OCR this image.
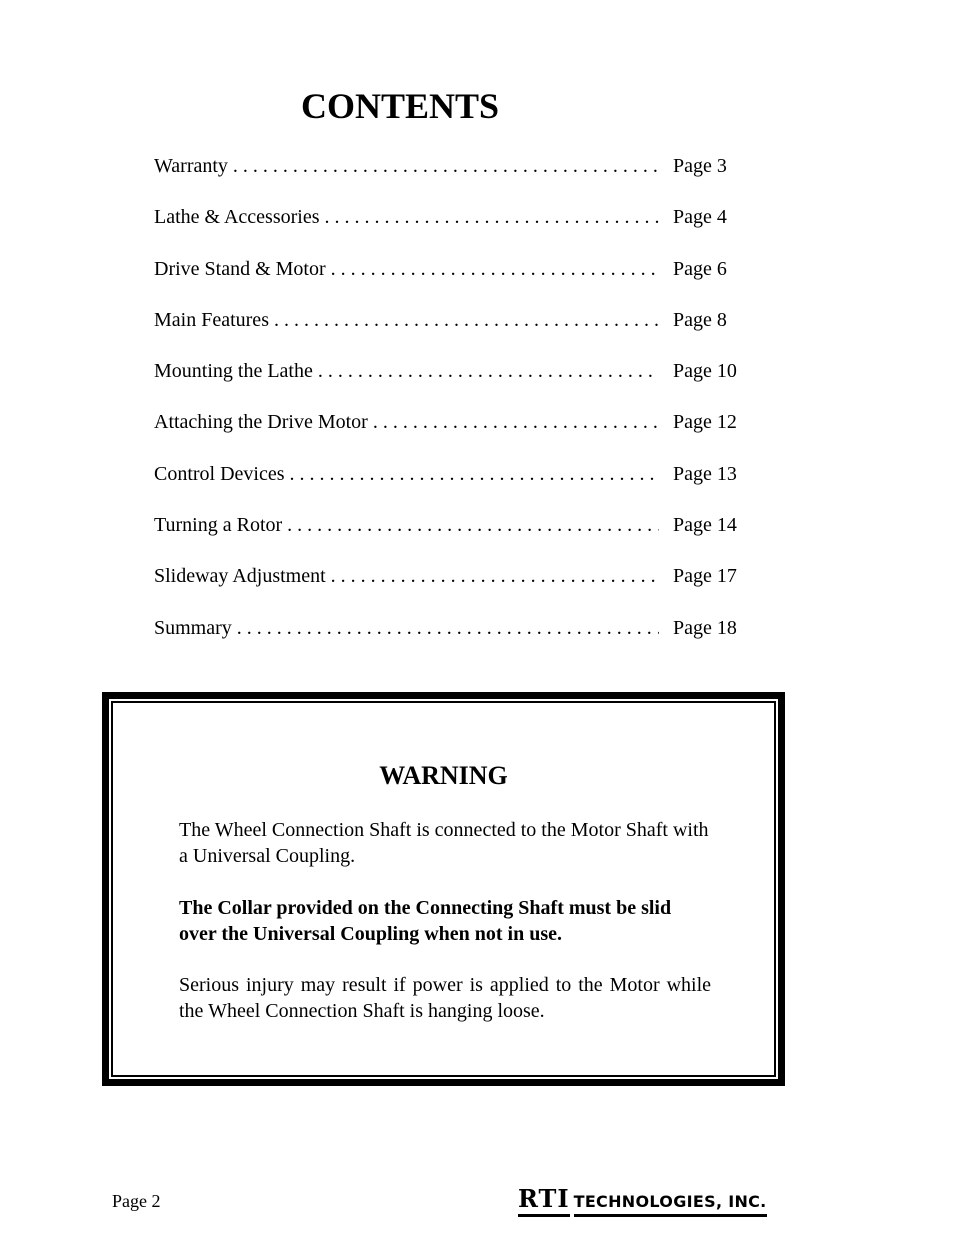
CONTENTS
Warranty . . .	Page 3
Lathe & Accessories . . .	Page 4
Drive Stand & Motor . . .	Page 6
Main Features . . .	Page 8
Mounting the Lathe . . .	Page 10
Attaching the Drive Motor . . .	Page 12
Control Devices . . .	Page 13
Turning a Rotor . . .	Page 14
Slideway Adjustment . . .	Page 17
Summary . . .	Page 18
WARNING

The Wheel Connection Shaft is connected to the Motor Shaft with a Universal Coupling.

The Collar provided on the Connecting Shaft must be slid over the Universal Coupling when not in use.

Serious injury may result if power is applied to the Motor while the Wheel Connection Shaft is hanging loose.

Page 2	RTI TECHNOLOGIES, INC.
